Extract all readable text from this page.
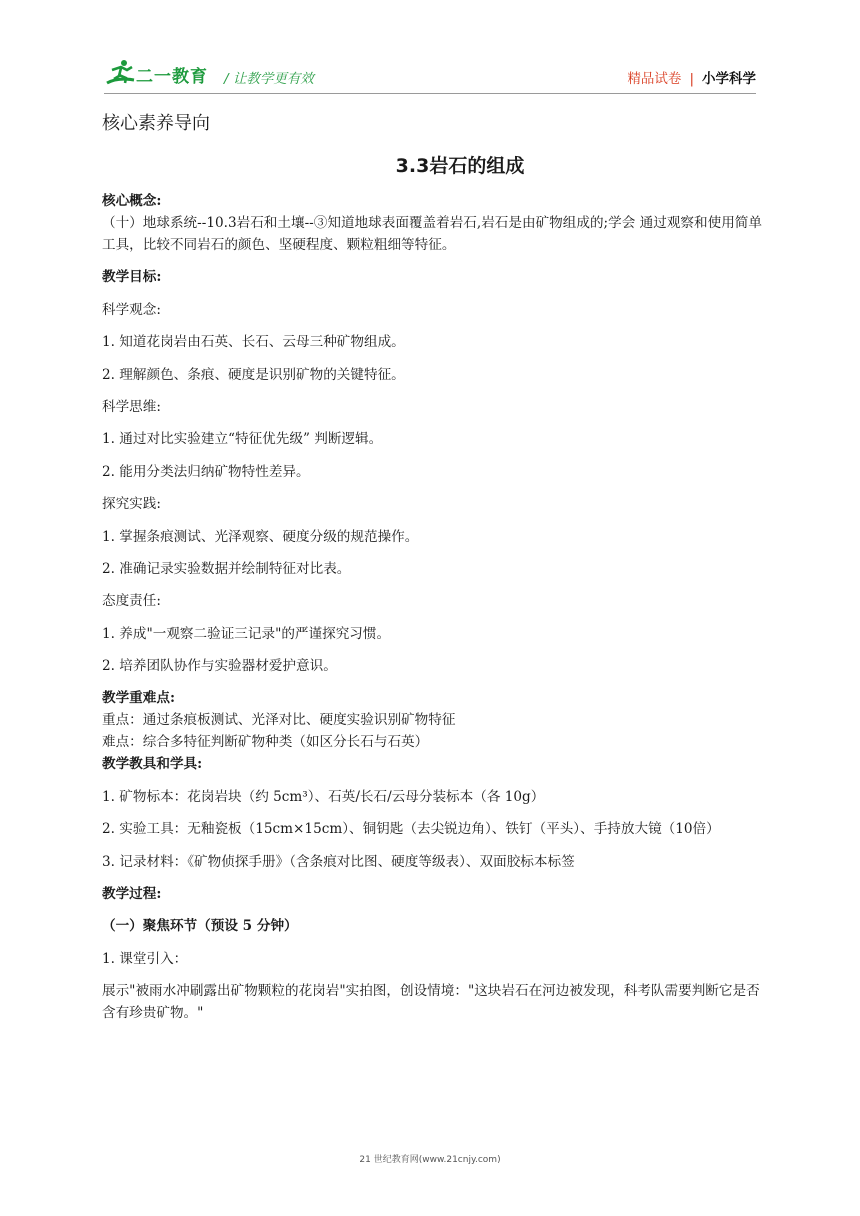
二一教育 / 让教学更有效	精品试卷 | 小学科学
核心素养导向
3.3岩石的组成

核心概念:

（十）地球系统--10.3岩石和土壤--③知道地球表面覆盖着岩石,岩石是由矿物组成的;学会 通过观察和使用简单工具，比较不同岩石的颜色、坚硬程度、颗粒粗细等特征。

教学目标:

科学观念:

1. 知道花岗岩由石英、长石、云母三种矿物组成。

2. 理解颜色、条痕、硬度是识别矿物的关键特征。

科学思维:

1. 通过对比实验建立“特征优先级” 判断逻辑。

2. 能用分类法归纳矿物特性差异。

探究实践:

1. 掌握条痕测试、光泽观察、硬度分级的规范操作。

2. 准确记录实验数据并绘制特征对比表。

态度责任:

1. 养成"一观察二验证三记录"的严谨探究习惯。

2. 培养团队协作与实验器材爱护意识。

教学重难点:

重点：通过条痕板测试、光泽对比、硬度实验识别矿物特征

难点：综合多特征判断矿物种类（如区分长石与石英）

教学教具和学具:

1. 矿物标本：花岗岩块（约 5cm³）、石英/长石/云母分装标本（各 10g）

2. 实验工具：无釉瓷板（15cm×15cm）、铜钥匙（去尖锐边角）、铁钉（平头）、手持放大镜（10倍）

3. 记录材料：《矿物侦探手册》（含条痕对比图、硬度等级表）、双面胶标本标签

教学过程:

（一）聚焦环节（预设 5 分钟）

1. 课堂引入：

展示"被雨水冲刷露出矿物颗粒的花岗岩"实拍图，创设情境："这块岩石在河边被发现，科考队需要判断它是否含有珍贵矿物。"

21 世纪教育网(www.21cnjy.com)
